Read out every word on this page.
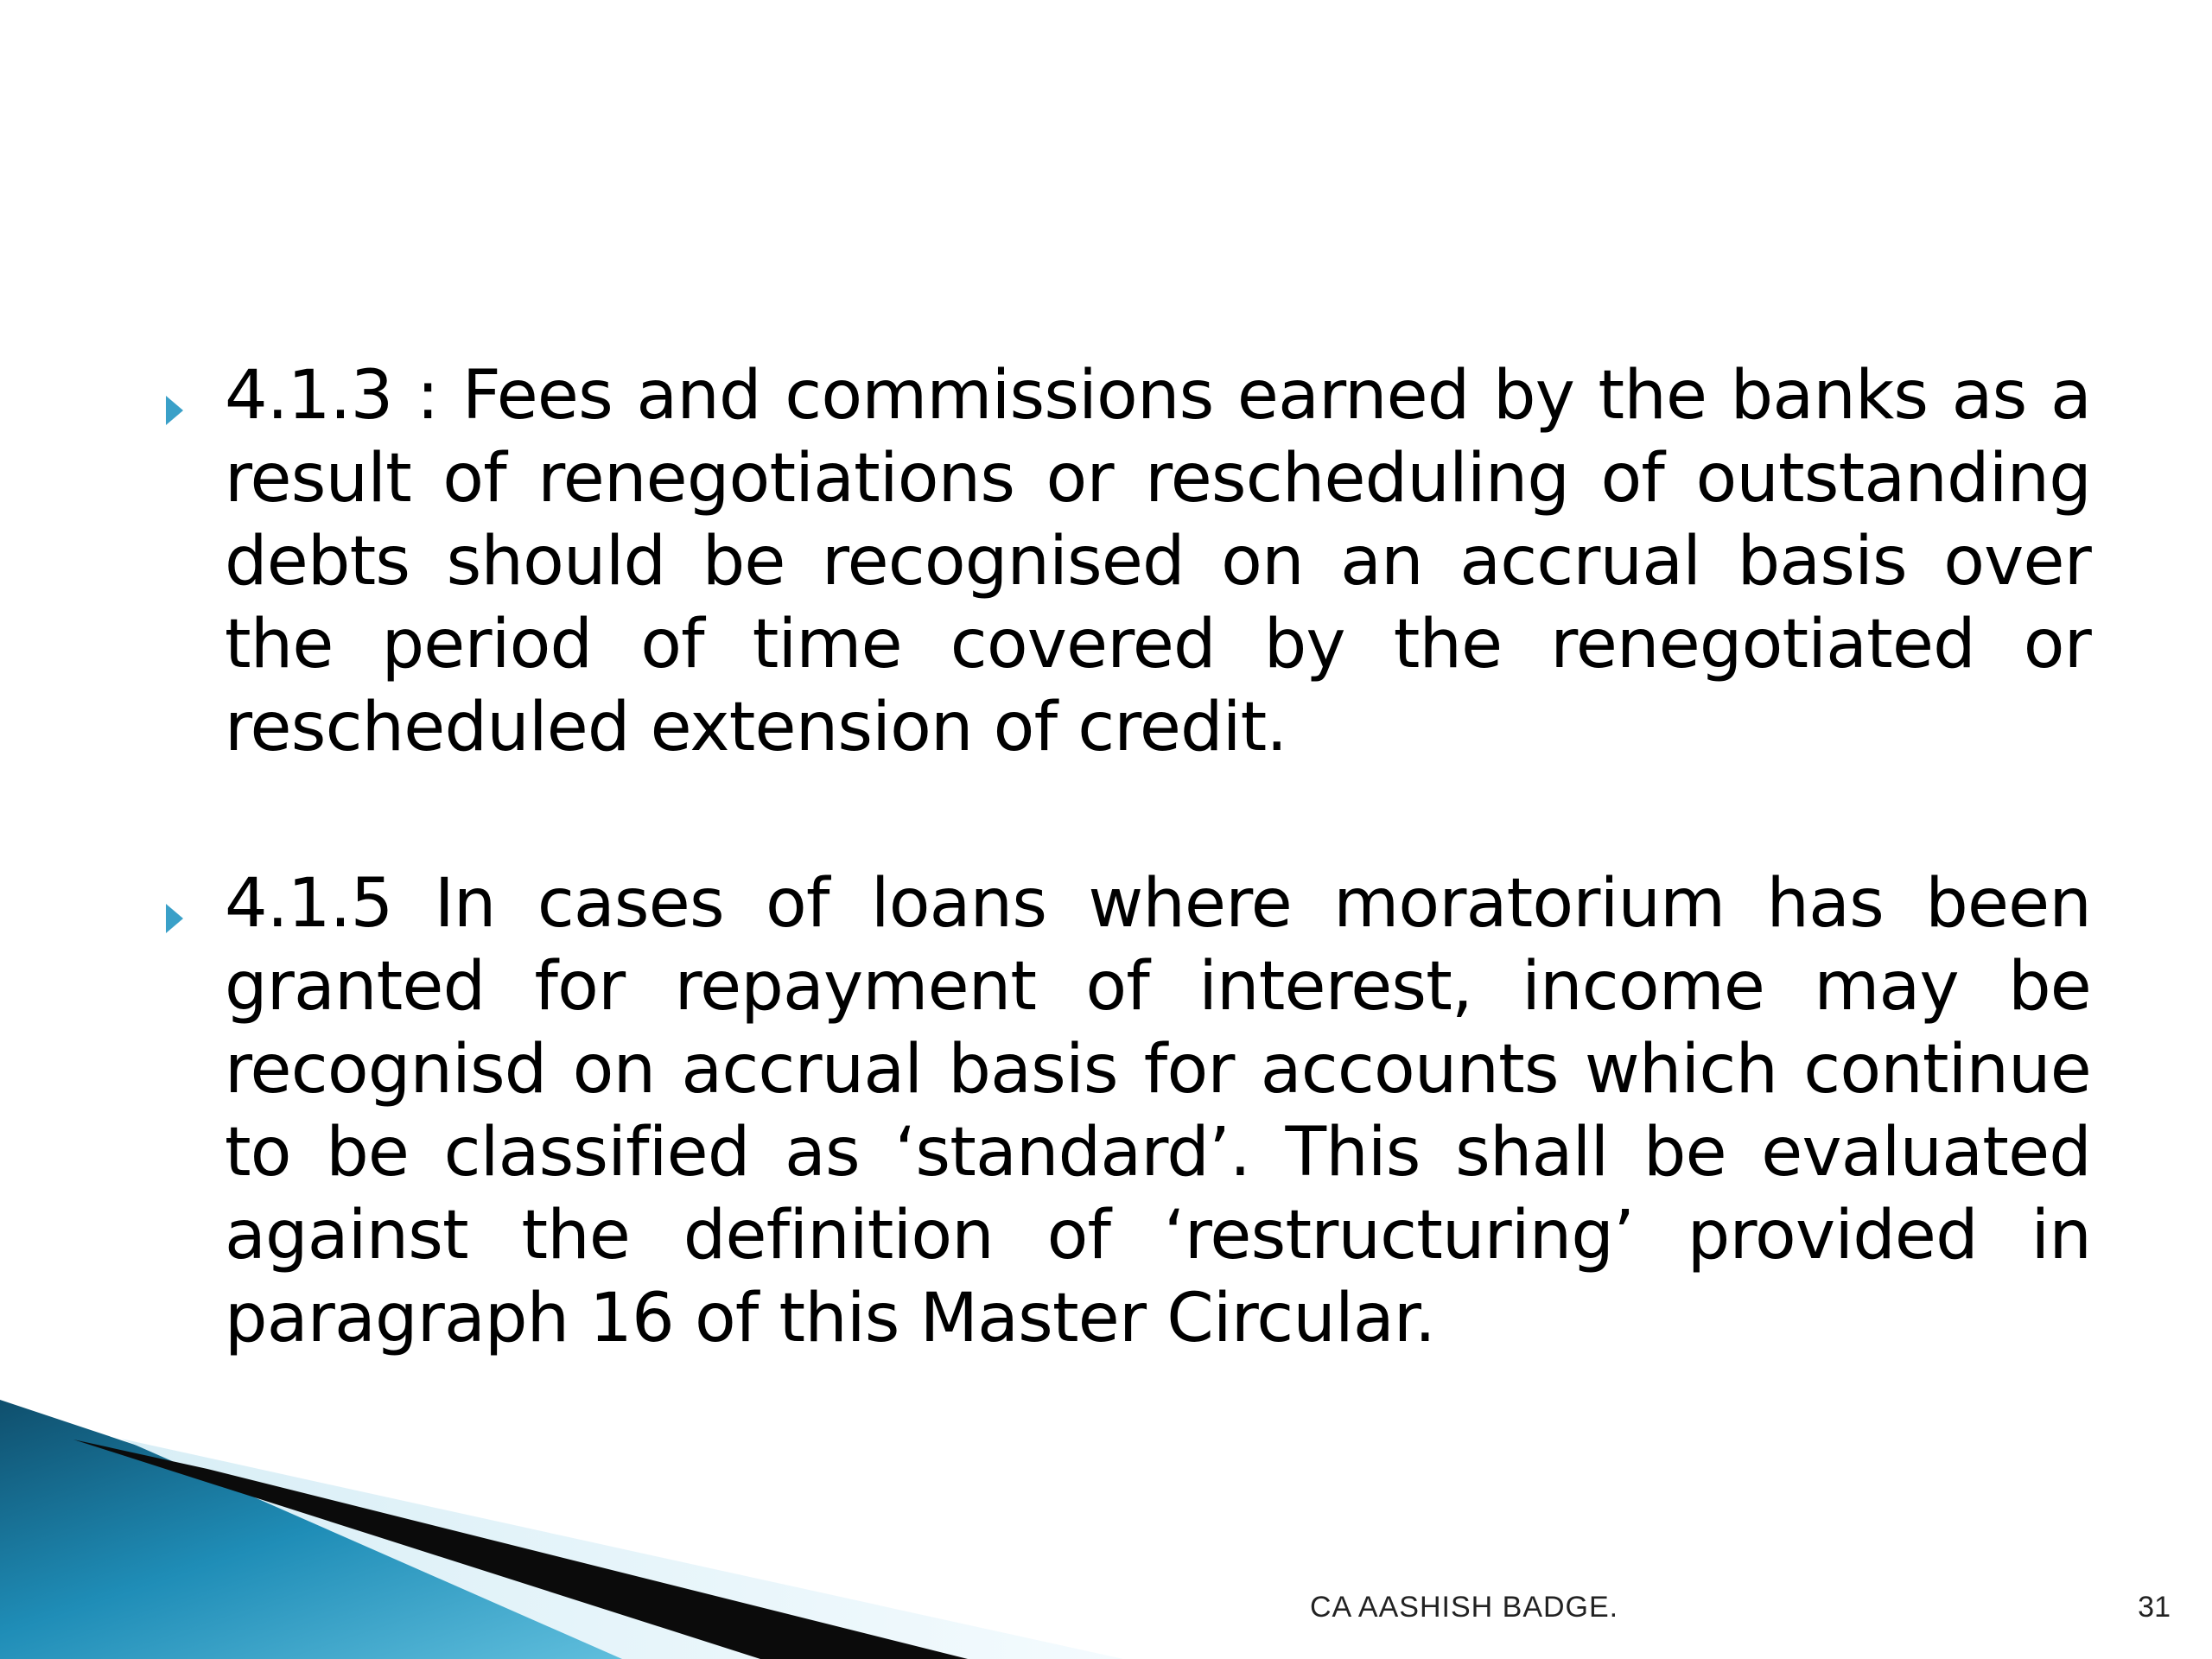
4.1.3 : Fees and commissions earned by the banks as a result of renegotiations or rescheduling of outstanding debts should be recognised on an accrual basis over the period of time covered by the renegotiated or rescheduled extension of credit.

4.1.5 In cases of loans where moratorium has been granted for repayment of interest, income may be recognisd on accrual basis for accounts which continue to be classified as ‘standard’. This shall be evaluated against the definition of ‘restructuring’ provided in paragraph 16 of this Master Circular.

CA AASHISH BADGE.	31
